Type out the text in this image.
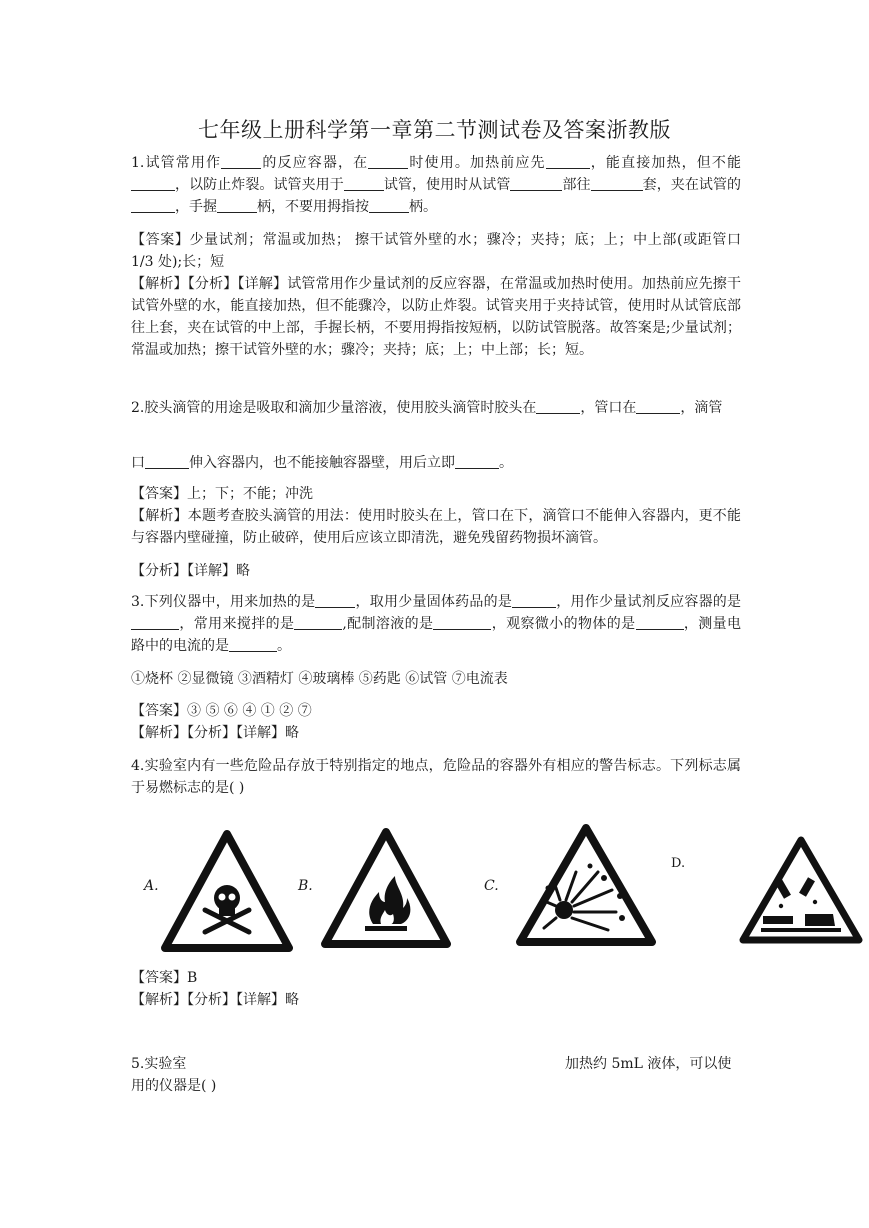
七年级上册科学第一章第二节测试卷及答案浙教版

1.试管常用作	的反应容器，在	时使用。加热前应先	，能直接加热，但不能，以防止炸裂。试管夹用于	试管，使用时从试管	部往	套，夹在试管的，手握	柄，不要用拇指按	柄。

【答案】少量试剂；常温或加热； 擦干试管外壁的水；骤冷；夹持；底；上；中上部(或距管口 1/3 处);长；短

【解析】【分析】【详解】试管常用作少量试剂的反应容器，在常温或加热时使用。加热前应先擦干试管外壁的水，能直接加热，但不能骤冷，以防止炸裂。试管夹用于夹持试管，使用时从试管底部往上套，夹在试管的中上部，手握长柄，不要用拇指按短柄，以防试管脱落。故答案是;少量试剂；常温或加热；擦干试管外壁的水；骤冷；夹持；底；上；中上部；长；短。

2.胶头滴管的用途是吸取和滴加少量溶液，使用胶头滴管时胶头在	，管口在	，滴管

口	伸入容器内，也不能接触容器壁，用后立即	。

【答案】上；下；不能；冲洗

【解析】本题考查胶头滴管的用法：使用时胶头在上，管口在下，滴管口不能伸入容器内，更不能与容器内壁碰撞，防止破碎，使用后应该立即清洗，避免残留药物损坏滴管。

【分析】【详解】略

3.下列仪器中，用来加热的是	，取用少量固体药品的是	，用作少量试剂反应容器的是，常用来搅拌的是	,配制溶液的是	，观察微小的物体的是	，测量电路中的电流的是	。

①烧杯 ②显微镜 ③酒精灯 ④玻璃棒 ⑤药匙 ⑥试管 ⑦电流表

【答案】③ ⑤ ⑥ ④ ① ② ⑦

【解析】【分析】【详解】略

4.实验室内有一些危险品存放于特别指定的地点，危险品的容器外有相应的警告标志。下列标志属于易燃标志的是( )

A.	B.	C.
D.

【答案】B

【解析】【分析】【详解】略

5.实验室	加热约 5mL 液体，可以使

用的仪器是( )
